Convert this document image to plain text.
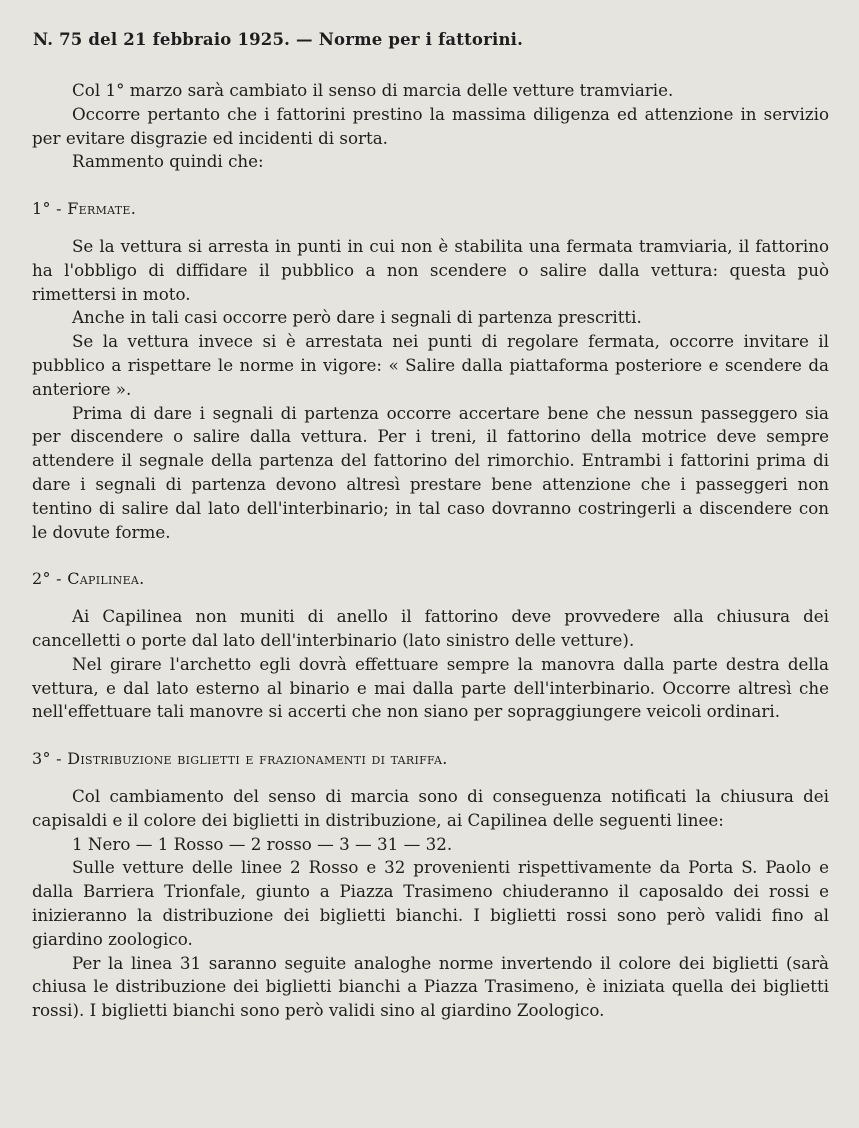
N. 75 del 21 febbraio 1925. — Norme per i fattorini.

Col 1° marzo sarà cambiato il senso di marcia delle vetture tramviarie.

Occorre pertanto che i fattorini prestino la massima diligenza ed attenzione in servizio per evitare disgrazie ed incidenti di sorta.

Rammento quindi che:

1° - Fermate.

Se la vettura si arresta in punti in cui non è stabilita una fermata tramviaria, il fattorino ha l'obbligo di diffidare il pubblico a non scendere o salire dalla vettura: questa può rimettersi in moto.

Anche in tali casi occorre però dare i segnali di partenza prescritti.

Se la vettura invece si è arrestata nei punti di regolare fermata, occorre invitare il pubblico a rispettare le norme in vigore: « Salire dalla piattaforma posteriore e scendere da anteriore ».

Prima di dare i segnali di partenza occorre accertare bene che nessun passeggero sia per discendere o salire dalla vettura. Per i treni, il fattorino della motrice deve sempre attendere il segnale della partenza del fattorino del rimorchio. Entrambi i fattorini prima di dare i segnali di partenza devono altresì prestare bene attenzione che i passeggeri non tentino di salire dal lato dell'interbinario; in tal caso dovranno costringerli a discendere con le dovute forme.

2° - Capilinea.

Ai Capilinea non muniti di anello il fattorino deve provvedere alla chiusura dei cancelletti o porte dal lato dell'interbinario (lato sinistro delle vetture).

Nel girare l'archetto egli dovrà effettuare sempre la manovra dalla parte destra della vettura, e dal lato esterno al binario e mai dalla parte dell'interbinario. Occorre altresì che nell'effettuare tali manovre si accerti che non siano per sopraggiungere veicoli ordinari.

3° - Distribuzione biglietti e frazionamenti di tariffa.

Col cambiamento del senso di marcia sono di conseguenza notificati la chiusura dei capisaldi e il colore dei biglietti in distribuzione, ai Capilinea delle seguenti linee:

1 Nero — 1 Rosso — 2 rosso — 3 — 31 — 32.

Sulle vetture delle linee 2 Rosso e 32 provenienti rispettivamente da Porta S. Paolo e dalla Barriera Trionfale, giunto a Piazza Trasimeno chiuderanno il caposaldo dei rossi e inizieranno la distribuzione dei biglietti bianchi. I biglietti rossi sono però validi fino al giardino zoologico.

Per la linea 31 saranno seguite analoghe norme invertendo il colore dei biglietti (sarà chiusa le distribuzione dei biglietti bianchi a Piazza Trasimeno, è iniziata quella dei biglietti rossi). I biglietti bianchi sono però validi sino al giardino Zoologico.
